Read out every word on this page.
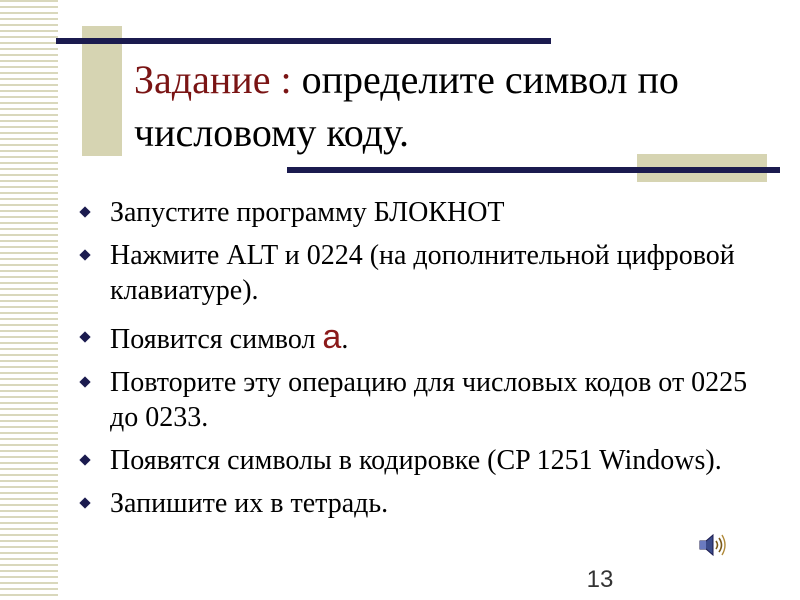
Задание : определите символ по числовому коду.
Запустите программу БЛОКНОТ
Нажмите ALT и 0224 (на дополнительной цифровой клавиатуре).
Появится символ а.
Повторите эту операцию для числовых кодов от 0225 до 0233.
Появятся символы в кодировке (CP 1251 Windows).
Запишите их в тетрадь.
13
